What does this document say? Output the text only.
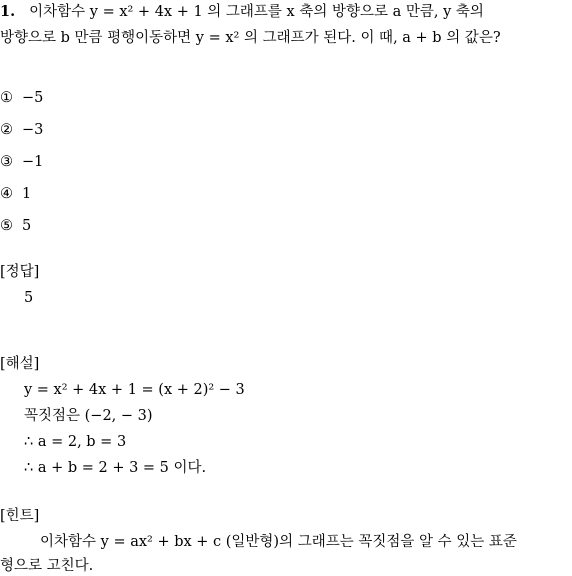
1. 이차함수 y = x² + 4x + 1 의 그래프를 x 축의 방향으로 a 만큼, y 축의
방향으로 b 만큼 평행이동하면 y = x² 의 그래프가 된다. 이 때, a + b 의 값은?
① −5
② −3
③ −1
④ 1
⑤ 5
[정답]
5
[해설]
y = x² + 4x + 1 = (x + 2)² − 3
꼭짓점은 (−2, − 3)
∴ a = 2, b = 3
∴ a + b = 2 + 3 = 5 이다.
[힌트]
이차함수 y = ax² + bx + c (일반형)의 그래프는 꼭짓점을 알 수 있는 표준
형으로 고친다.
